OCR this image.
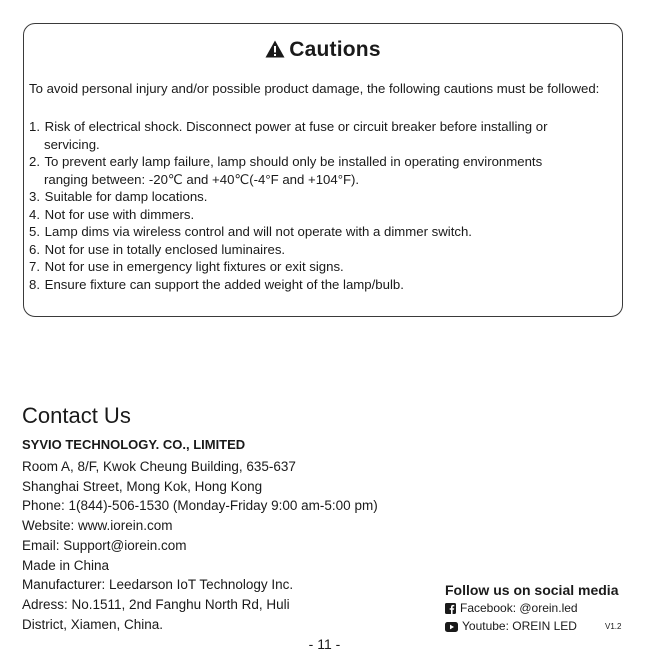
Cautions
To avoid personal injury and/or possible product damage, the following cautions must be followed:
1. Risk of electrical shock. Disconnect power at fuse or circuit breaker before installing or
servicing.
2. To prevent early lamp failure, lamp should only be installed in operating environments
ranging between: -20℃ and +40℃(-4°F and +104°F).
3. Suitable for damp locations.
4. Not for use with dimmers.
5. Lamp dims via wireless control and will not operate with a dimmer switch.
6. Not for use in totally enclosed luminaires.
7. Not for use in emergency light fixtures or exit signs.
8. Ensure fixture can support the added weight of the lamp/bulb.
Contact Us
SYVIO TECHNOLOGY. CO., LIMITED
Room A, 8/F, Kwok Cheung Building, 635-637
Shanghai Street, Mong Kok, Hong Kong
Phone: 1(844)-506-1530 (Monday-Friday 9:00 am-5:00 pm)
Website: www.iorein.com
Email: Support@iorein.com
Made in China
Manufacturer: Leedarson IoT Technology Inc.
Adress: No.1511, 2nd Fanghu North Rd, Huli
District, Xiamen, China.
Follow us on social media
Facebook: @orein.led
Youtube: OREIN LED	V1.2
- 11 -
